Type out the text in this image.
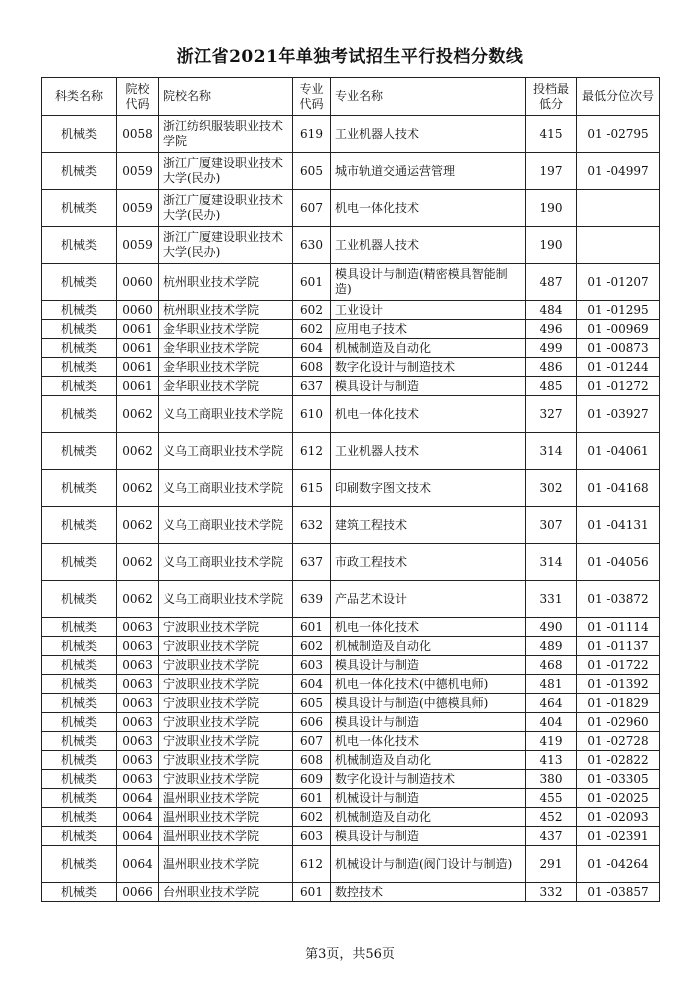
浙江省2021年单独考试招生平行投档分数线
科类名称	院校代码	院校名称	专业代码	专业名称	投档最低分	最低分位次号
机械类	0058	浙江纺织服装职业技术学院	619	工业机器人技术	415	01 -02795
机械类	0059	浙江广厦建设职业技术大学(民办)	605	城市轨道交通运营管理	197	01 -04997
机械类	0059	浙江广厦建设职业技术大学(民办)	607	机电一体化技术	190	
机械类	0059	浙江广厦建设职业技术大学(民办)	630	工业机器人技术	190	
机械类	0060	杭州职业技术学院	601	模具设计与制造(精密模具智能制造)	487	01 -01207
机械类	0060	杭州职业技术学院	602	工业设计	484	01 -01295
机械类	0061	金华职业技术学院	602	应用电子技术	496	01 -00969
机械类	0061	金华职业技术学院	604	机械制造及自动化	499	01 -00873
机械类	0061	金华职业技术学院	608	数字化设计与制造技术	486	01 -01244
机械类	0061	金华职业技术学院	637	模具设计与制造	485	01 -01272
机械类	0062	义乌工商职业技术学院	610	机电一体化技术	327	01 -03927
机械类	0062	义乌工商职业技术学院	612	工业机器人技术	314	01 -04061
机械类	0062	义乌工商职业技术学院	615	印刷数字图文技术	302	01 -04168
机械类	0062	义乌工商职业技术学院	632	建筑工程技术	307	01 -04131
机械类	0062	义乌工商职业技术学院	637	市政工程技术	314	01 -04056
机械类	0062	义乌工商职业技术学院	639	产品艺术设计	331	01 -03872
机械类	0063	宁波职业技术学院	601	机电一体化技术	490	01 -01114
机械类	0063	宁波职业技术学院	602	机械制造及自动化	489	01 -01137
机械类	0063	宁波职业技术学院	603	模具设计与制造	468	01 -01722
机械类	0063	宁波职业技术学院	604	机电一体化技术(中德机电师)	481	01 -01392
机械类	0063	宁波职业技术学院	605	模具设计与制造(中德模具师)	464	01 -01829
机械类	0063	宁波职业技术学院	606	模具设计与制造	404	01 -02960
机械类	0063	宁波职业技术学院	607	机电一体化技术	419	01 -02728
机械类	0063	宁波职业技术学院	608	机械制造及自动化	413	01 -02822
机械类	0063	宁波职业技术学院	609	数字化设计与制造技术	380	01 -03305
机械类	0064	温州职业技术学院	601	机械设计与制造	455	01 -02025
机械类	0064	温州职业技术学院	602	机械制造及自动化	452	01 -02093
机械类	0064	温州职业技术学院	603	模具设计与制造	437	01 -02391
机械类	0064	温州职业技术学院	612	机械设计与制造(阀门设计与制造)	291	01 -04264
机械类	0066	台州职业技术学院	601	数控技术	332	01 -03857
第3页，共56页
